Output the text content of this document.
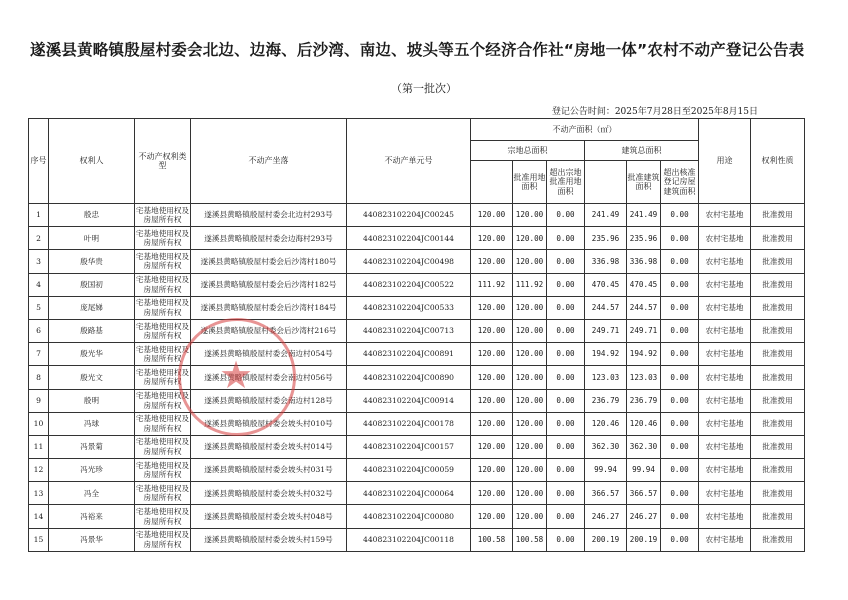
遂溪县黄略镇殷屋村委会北边、边海、后沙湾、南边、坡头等五个经济合作社“房地一体”农村不动产登记公告表
（第一批次）
登记公告时间：2025年7月28日至2025年8月15日
序号	权利人	不动产权利类型	不动产坐落	不动产单元号	不动产面积（㎡）						用途	权利性质
					宗地总面积			建筑总面积				
						批准用地面积	超出宗地批准用地面积		批准建筑面积	超出核准登记房屋建筑面积		
1	殷忠	宅基地使用权及房屋所有权	遂溪县黄略镇殷屋村委会北边村293号	440823102204JC00245	120.00	120.00	0.00	241.49	241.49	0.00	农村宅基地	批准拨用
2	叶明	宅基地使用权及房屋所有权	遂溪县黄略镇殷屋村委会边海村293号	440823102204JC00144	120.00	120.00	0.00	235.96	235.96	0.00	农村宅基地	批准拨用
3	殷华贵	宅基地使用权及房屋所有权	遂溪县黄略镇殷屋村委会后沙湾村180号	440823102204JC00498	120.00	120.00	0.00	336.98	336.98	0.00	农村宅基地	批准拨用
4	殷国初	宅基地使用权及房屋所有权	遂溪县黄略镇殷屋村委会后沙湾村182号	440823102204JC00522	111.92	111.92	0.00	470.45	470.45	0.00	农村宅基地	批准拨用
5	庞尾娣	宅基地使用权及房屋所有权	遂溪县黄略镇殷屋村委会后沙湾村184号	440823102204JC00533	120.00	120.00	0.00	244.57	244.57	0.00	农村宅基地	批准拨用
6	殷路基	宅基地使用权及房屋所有权	遂溪县黄略镇殷屋村委会后沙湾村216号	440823102204JC00713	120.00	120.00	0.00	249.71	249.71	0.00	农村宅基地	批准拨用
7	殷光华	宅基地使用权及房屋所有权	遂溪县黄略镇殷屋村委会南边村054号	440823102204JC00891	120.00	120.00	0.00	194.92	194.92	0.00	农村宅基地	批准拨用
8	殷光文	宅基地使用权及房屋所有权	遂溪县黄略镇殷屋村委会南边村056号	440823102204JC00890	120.00	120.00	0.00	123.03	123.03	0.00	农村宅基地	批准拨用
9	殷明	宅基地使用权及房屋所有权	遂溪县黄略镇殷屋村委会南边村128号	440823102204JC00914	120.00	120.00	0.00	236.79	236.79	0.00	农村宅基地	批准拨用
10	冯球	宅基地使用权及房屋所有权	遂溪县黄略镇殷屋村委会坡头村010号	440823102204JC00178	120.00	120.00	0.00	120.46	120.46	0.00	农村宅基地	批准拨用
11	冯景菊	宅基地使用权及房屋所有权	遂溪县黄略镇殷屋村委会坡头村014号	440823102204JC00157	120.00	120.00	0.00	362.30	362.30	0.00	农村宅基地	批准拨用
12	冯光珍	宅基地使用权及房屋所有权	遂溪县黄略镇殷屋村委会坡头村031号	440823102204JC00059	120.00	120.00	0.00	99.94	99.94	0.00	农村宅基地	批准拨用
13	冯全	宅基地使用权及房屋所有权	遂溪县黄略镇殷屋村委会坡头村032号	440823102204JC00064	120.00	120.00	0.00	366.57	366.57	0.00	农村宅基地	批准拨用
14	冯裕来	宅基地使用权及房屋所有权	遂溪县黄略镇殷屋村委会坡头村048号	440823102204JC00080	120.00	120.00	0.00	246.27	246.27	0.00	农村宅基地	批准拨用
15	冯景华	宅基地使用权及房屋所有权	遂溪县黄略镇殷屋村委会坡头村159号	440823102204JC00118	100.58	100.58	0.00	200.19	200.19	0.00	农村宅基地	批准拨用
★
